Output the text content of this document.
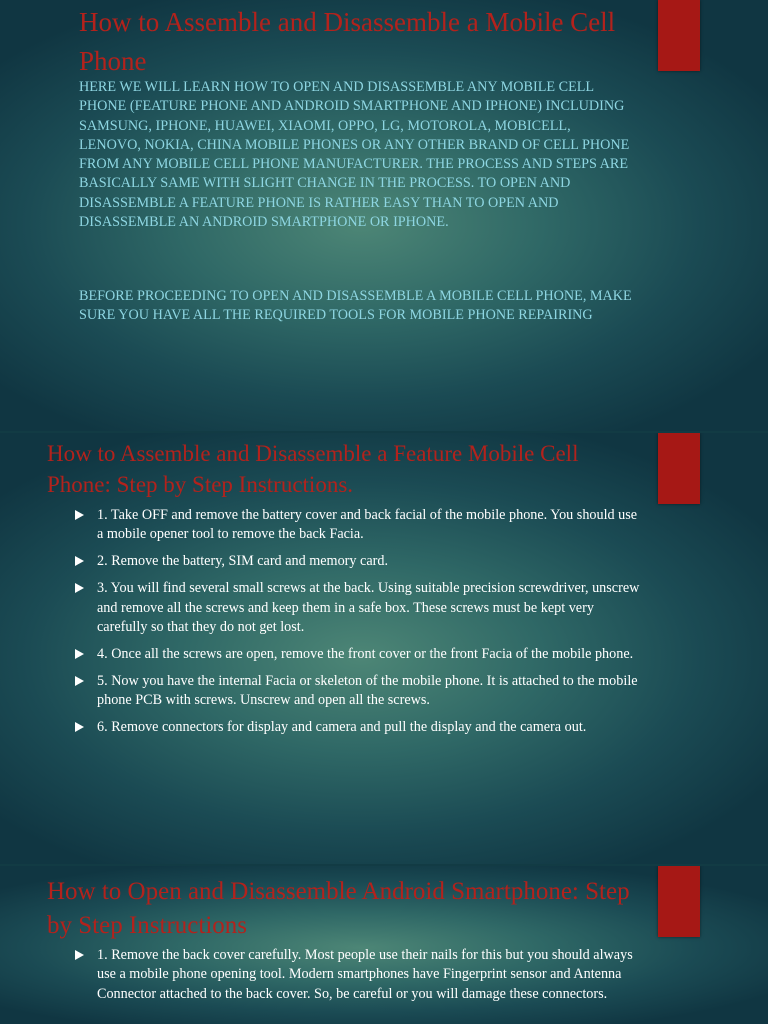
How to Assemble and Disassemble a Mobile Cell Phone

HERE WE WILL LEARN HOW TO OPEN AND DISASSEMBLE ANY MOBILE CELL PHONE (FEATURE PHONE AND ANDROID SMARTPHONE AND IPHONE) INCLUDING SAMSUNG, IPHONE, HUAWEI, XIAOMI, OPPO, LG, MOTOROLA, MOBICELL, LENOVO, NOKIA, CHINA MOBILE PHONES OR ANY OTHER BRAND OF CELL PHONE FROM ANY MOBILE CELL PHONE MANUFACTURER. THE PROCESS AND STEPS ARE BASICALLY SAME WITH SLIGHT CHANGE IN THE PROCESS. TO OPEN AND DISASSEMBLE A FEATURE PHONE IS RATHER EASY THAN TO OPEN AND DISASSEMBLE AN ANDROID SMARTPHONE OR IPHONE.

BEFORE PROCEEDING TO OPEN AND DISASSEMBLE A MOBILE CELL PHONE, MAKE SURE YOU HAVE ALL THE REQUIRED TOOLS FOR MOBILE PHONE REPAIRING

How to Assemble and Disassemble a Feature Mobile Cell Phone: Step by Step Instructions.
1. Take OFF and remove the battery cover and back facial of the mobile phone. You should use a mobile opener tool to remove the back Facia.
2. Remove the battery, SIM card and memory card.
3. You will find several small screws at the back. Using suitable precision screwdriver, unscrew and remove all the screws and keep them in a safe box. These screws must be kept very carefully so that they do not get lost.
4. Once all the screws are open, remove the front cover or the front Facia of the mobile phone.
5. Now you have the internal Facia or skeleton of the mobile phone. It is attached to the mobile phone PCB with screws. Unscrew and open all the screws.
6. Remove connectors for display and camera and pull the display and the camera out.
How to Open and Disassemble Android Smartphone: Step by Step Instructions
1. Remove the back cover carefully. Most people use their nails for this but you should always use a mobile phone opening tool. Modern smartphones have Fingerprint sensor and Antenna Connector attached to the back cover. So, be careful or you will damage these connectors.
